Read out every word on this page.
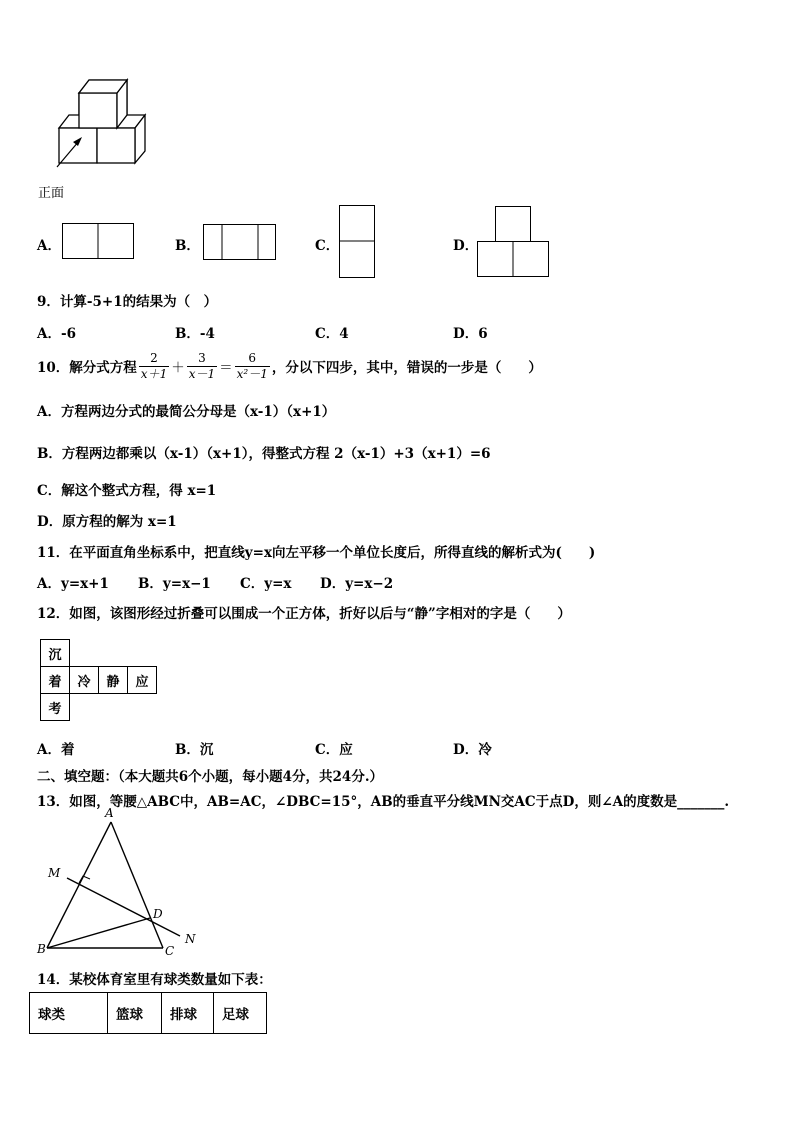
正面
A．	B．	C．	D．
9．计算-5+1的结果为（　）
A．-6	B．-4	C．4	D．6
10．解分式方程 $\frac{2}{x+1} + \frac{3}{x-1} = \frac{6}{\text{x²－1}}$ ，分以下四步，其中，错误的一步是（　　）
A．方程两边分式的最简公分母是（x-1）（x+1）
B．方程两边都乘以（x-1）（x+1），得整式方程 2（x-1）+3（x+1）=6
C．解这个整式方程，得 x=1
D．原方程的解为 x=1
11．在平面直角坐标系中，把直线y=x向左平移一个单位长度后，所得直线的解析式为(　　)
A．y=x+1 B．y=x−1 C．y=x D．y=x−2
12．如图，该图形经过折叠可以围成一个正方体，折好以后与“静”字相对的字是（　　）
沉			
着	冷	静	应
考			
A．着	B．沉	C．应	D．冷
二、填空题：（本大题共6个小题，每小题4分，共24分.）
13．如图，等腰△ABC中，AB=AC，∠DBC=15°，AB的垂直平分线MN交AC于点D，则∠A的度数是_______.
A
M
D
B	C
N
14．某校体育室里有球类数量如下表：
球类	篮球	排球	足球
